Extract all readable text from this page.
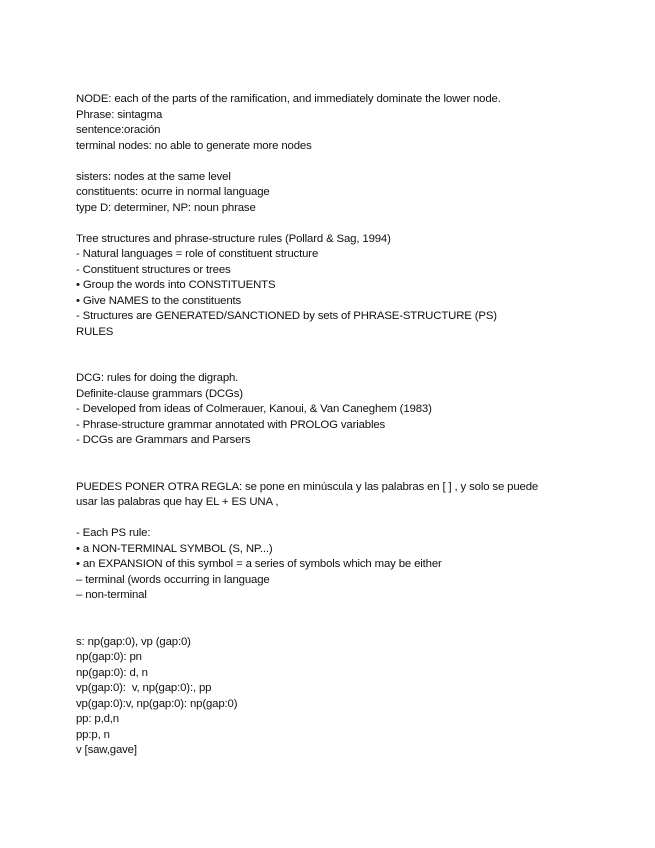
NODE: each of the parts of the ramification, and immediately dominate the lower node.
Phrase: sintagma
sentence:oración
terminal nodes: no able to generate more nodes
sisters: nodes at the same level
constituents: ocurre in normal language
type D: determiner, NP: noun phrase
Tree structures and phrase-structure rules (Pollard & Sag, 1994)
- Natural languages = role of constituent structure
- Constituent structures or trees
• Group the words into CONSTITUENTS
• Give NAMES to the constituents
- Structures are GENERATED/SANCTIONED by sets of PHRASE-STRUCTURE (PS)
RULES
DCG: rules for doing the digraph.
Definite-clause grammars (DCGs)
- Developed from ideas of Colmerauer, Kanoui, & Van Caneghem (1983)
- Phrase-structure grammar annotated with PROLOG variables
- DCGs are Grammars and Parsers
PUEDES PONER OTRA REGLA: se pone en minúscula y las palabras en [ ] , y solo se puede
usar las palabras que hay EL + ES UNA ,
- Each PS rule:
• a NON-TERMINAL SYMBOL (S, NP...)
• an EXPANSION of this symbol = a series of symbols which may be either
– terminal (words occurring in language
– non-terminal
s: np(gap:0), vp (gap:0)
np(gap:0): pn
np(gap:0): d, n
vp(gap:0):  v, np(gap:0):, pp
vp(gap:0):v, np(gap:0): np(gap:0)
pp: p,d,n
pp:p, n
v [saw,gave]
